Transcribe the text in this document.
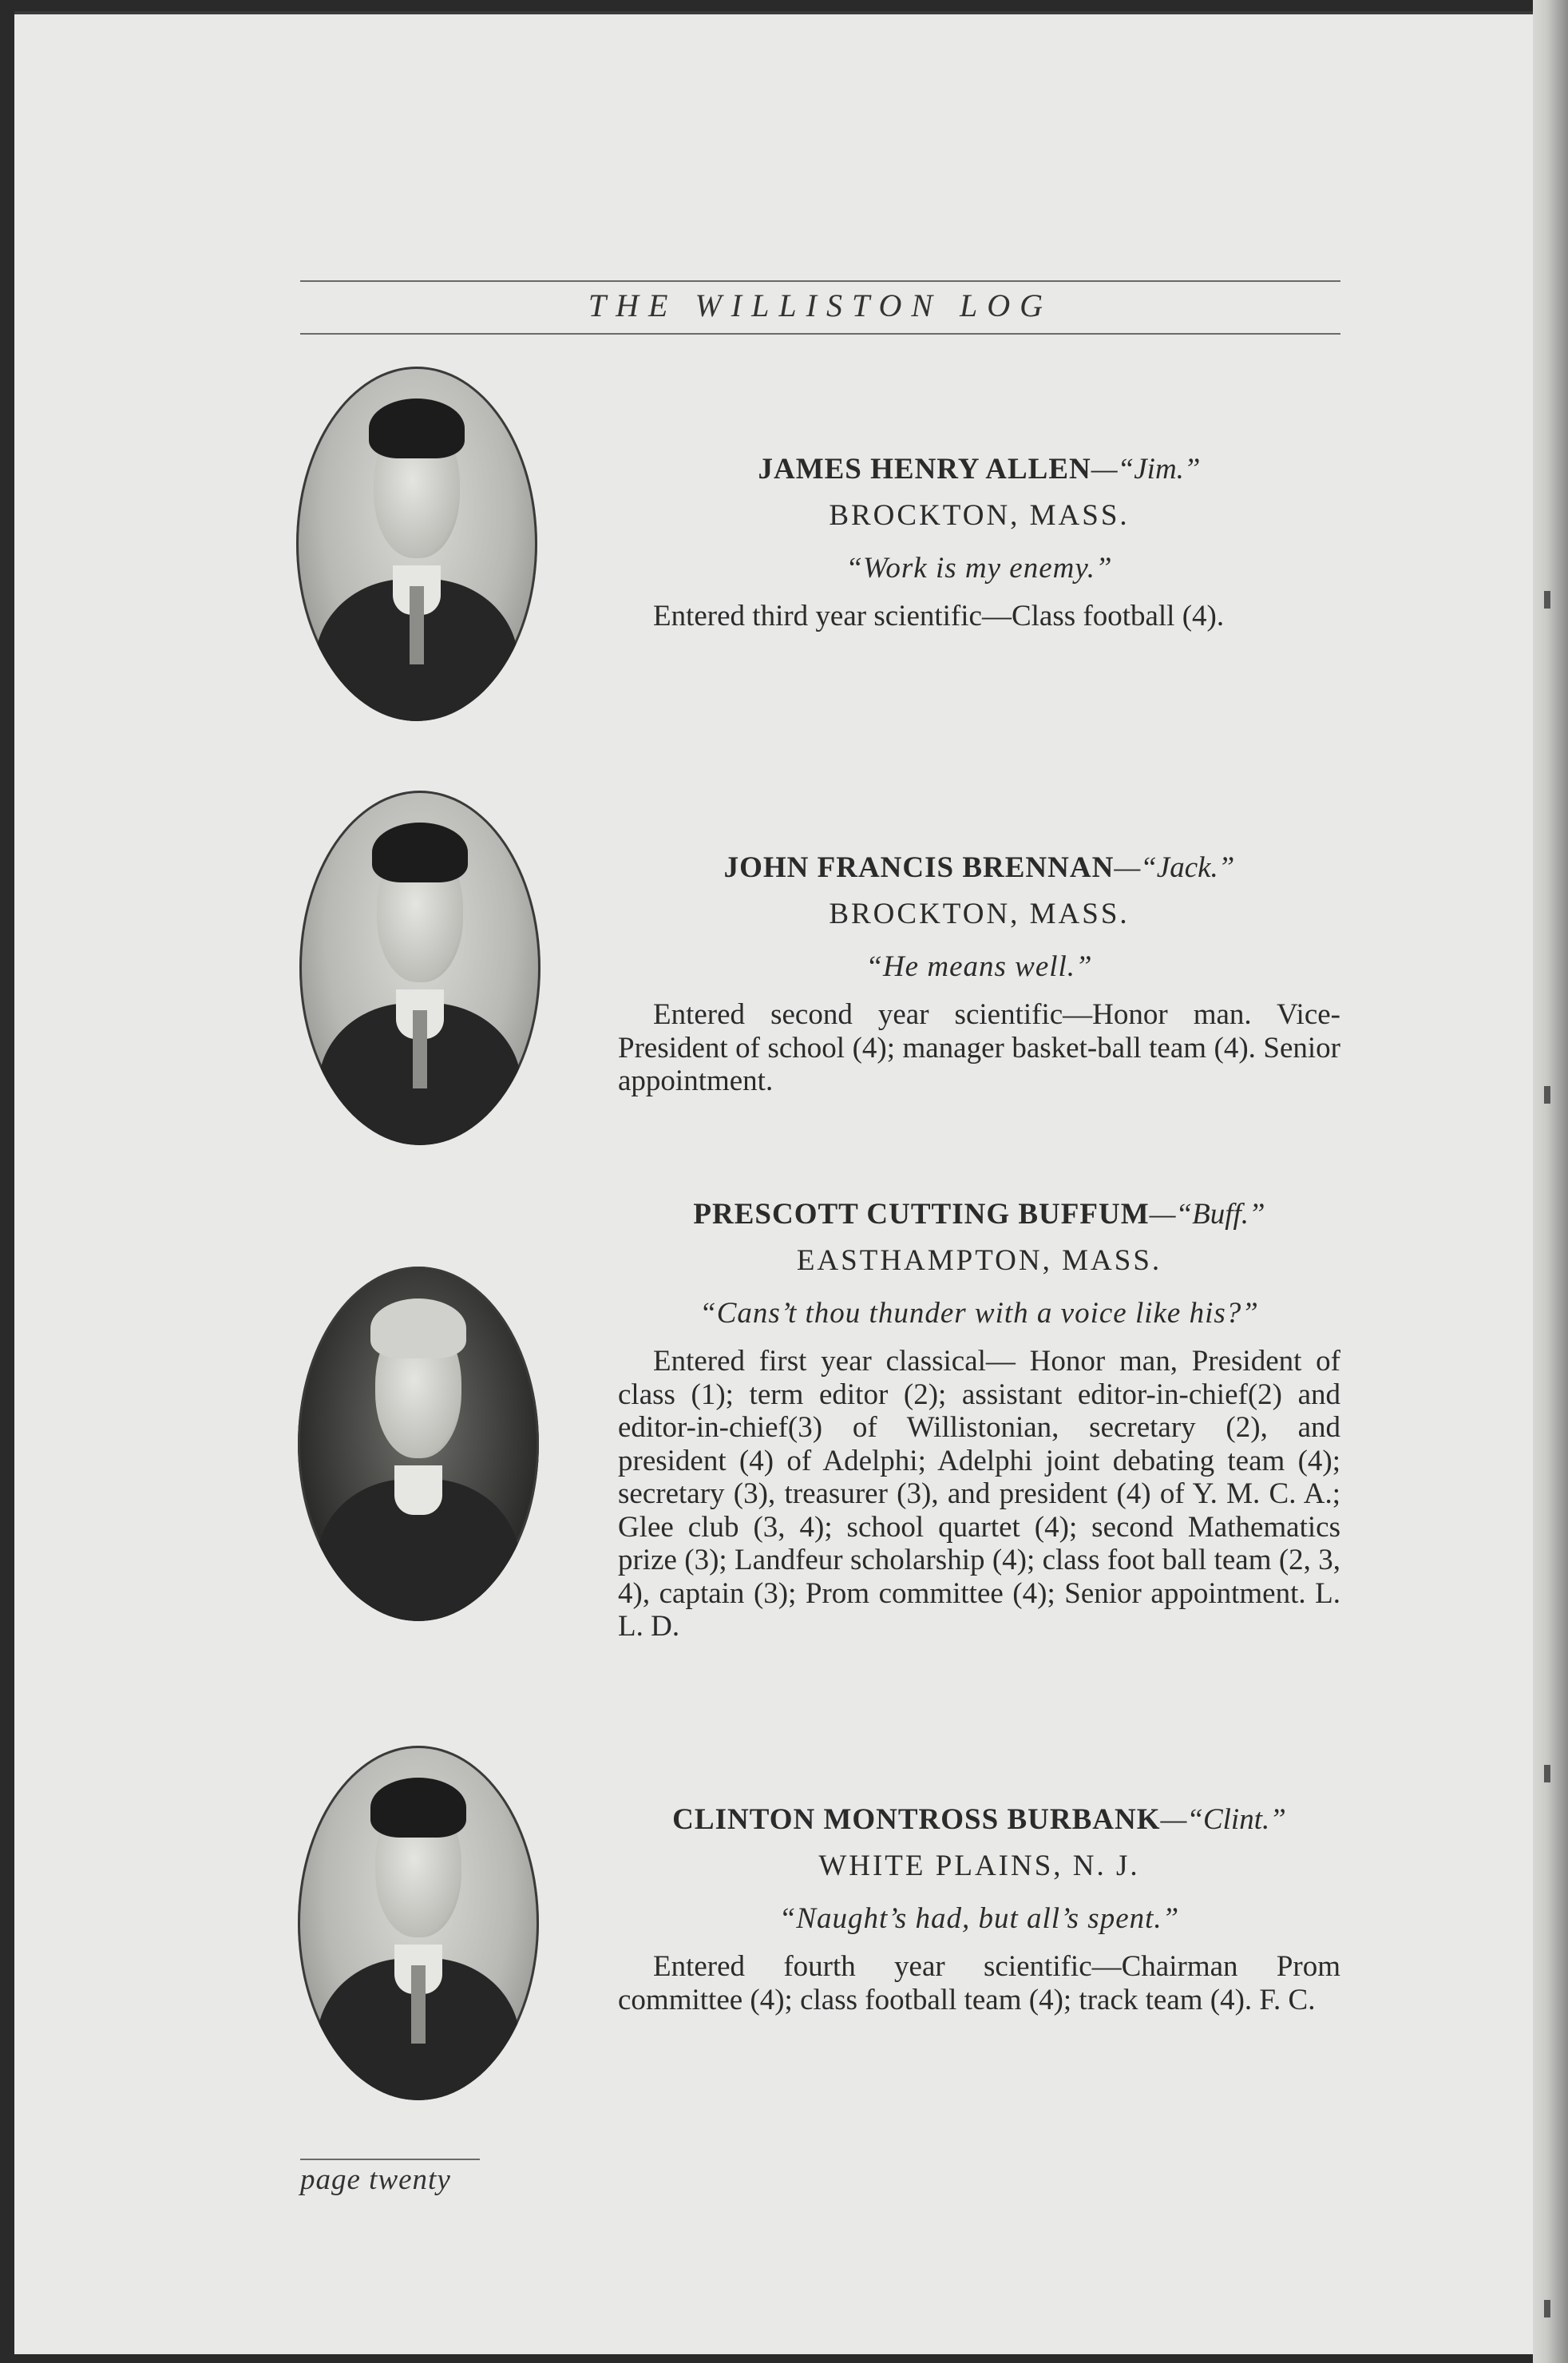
THE WILLISTON LOG
JAMES HENRY ALLEN—“Jim.”
BROCKTON, MASS.
“Work is my enemy.”

Entered third year scientific—Class football (4).

JOHN FRANCIS BRENNAN—“Jack.”
BROCKTON, MASS.
“He means well.”

Entered second year scientific—Honor man. Vice-President of school (4); manager basket-ball team (4). Senior appointment.

PRESCOTT CUTTING BUFFUM—“Buff.”
EASTHAMPTON, MASS.
“Cans’t thou thunder with a voice like his?”

Entered first year classical— Honor man, President of class (1); term editor (2); assistant editor-in-chief(2) and editor-in-chief(3) of Willistonian, secretary (2), and president (4) of Adelphi; Adelphi joint debating team (4); secretary (3), treasurer (3), and president (4) of Y. M. C. A.; Glee club (3, 4); school quartet (4); second Mathematics prize (3); Landfeur scholarship (4); class foot ball team (2, 3, 4), captain (3); Prom committee (4); Senior appointment. L. L. D.

CLINTON MONTROSS BURBANK—“Clint.”
WHITE PLAINS, N. J.
“Naught’s had, but all’s spent.”

Entered fourth year scientific—Chairman Prom committee (4); class football team (4); track team (4). F. C.

page twenty
